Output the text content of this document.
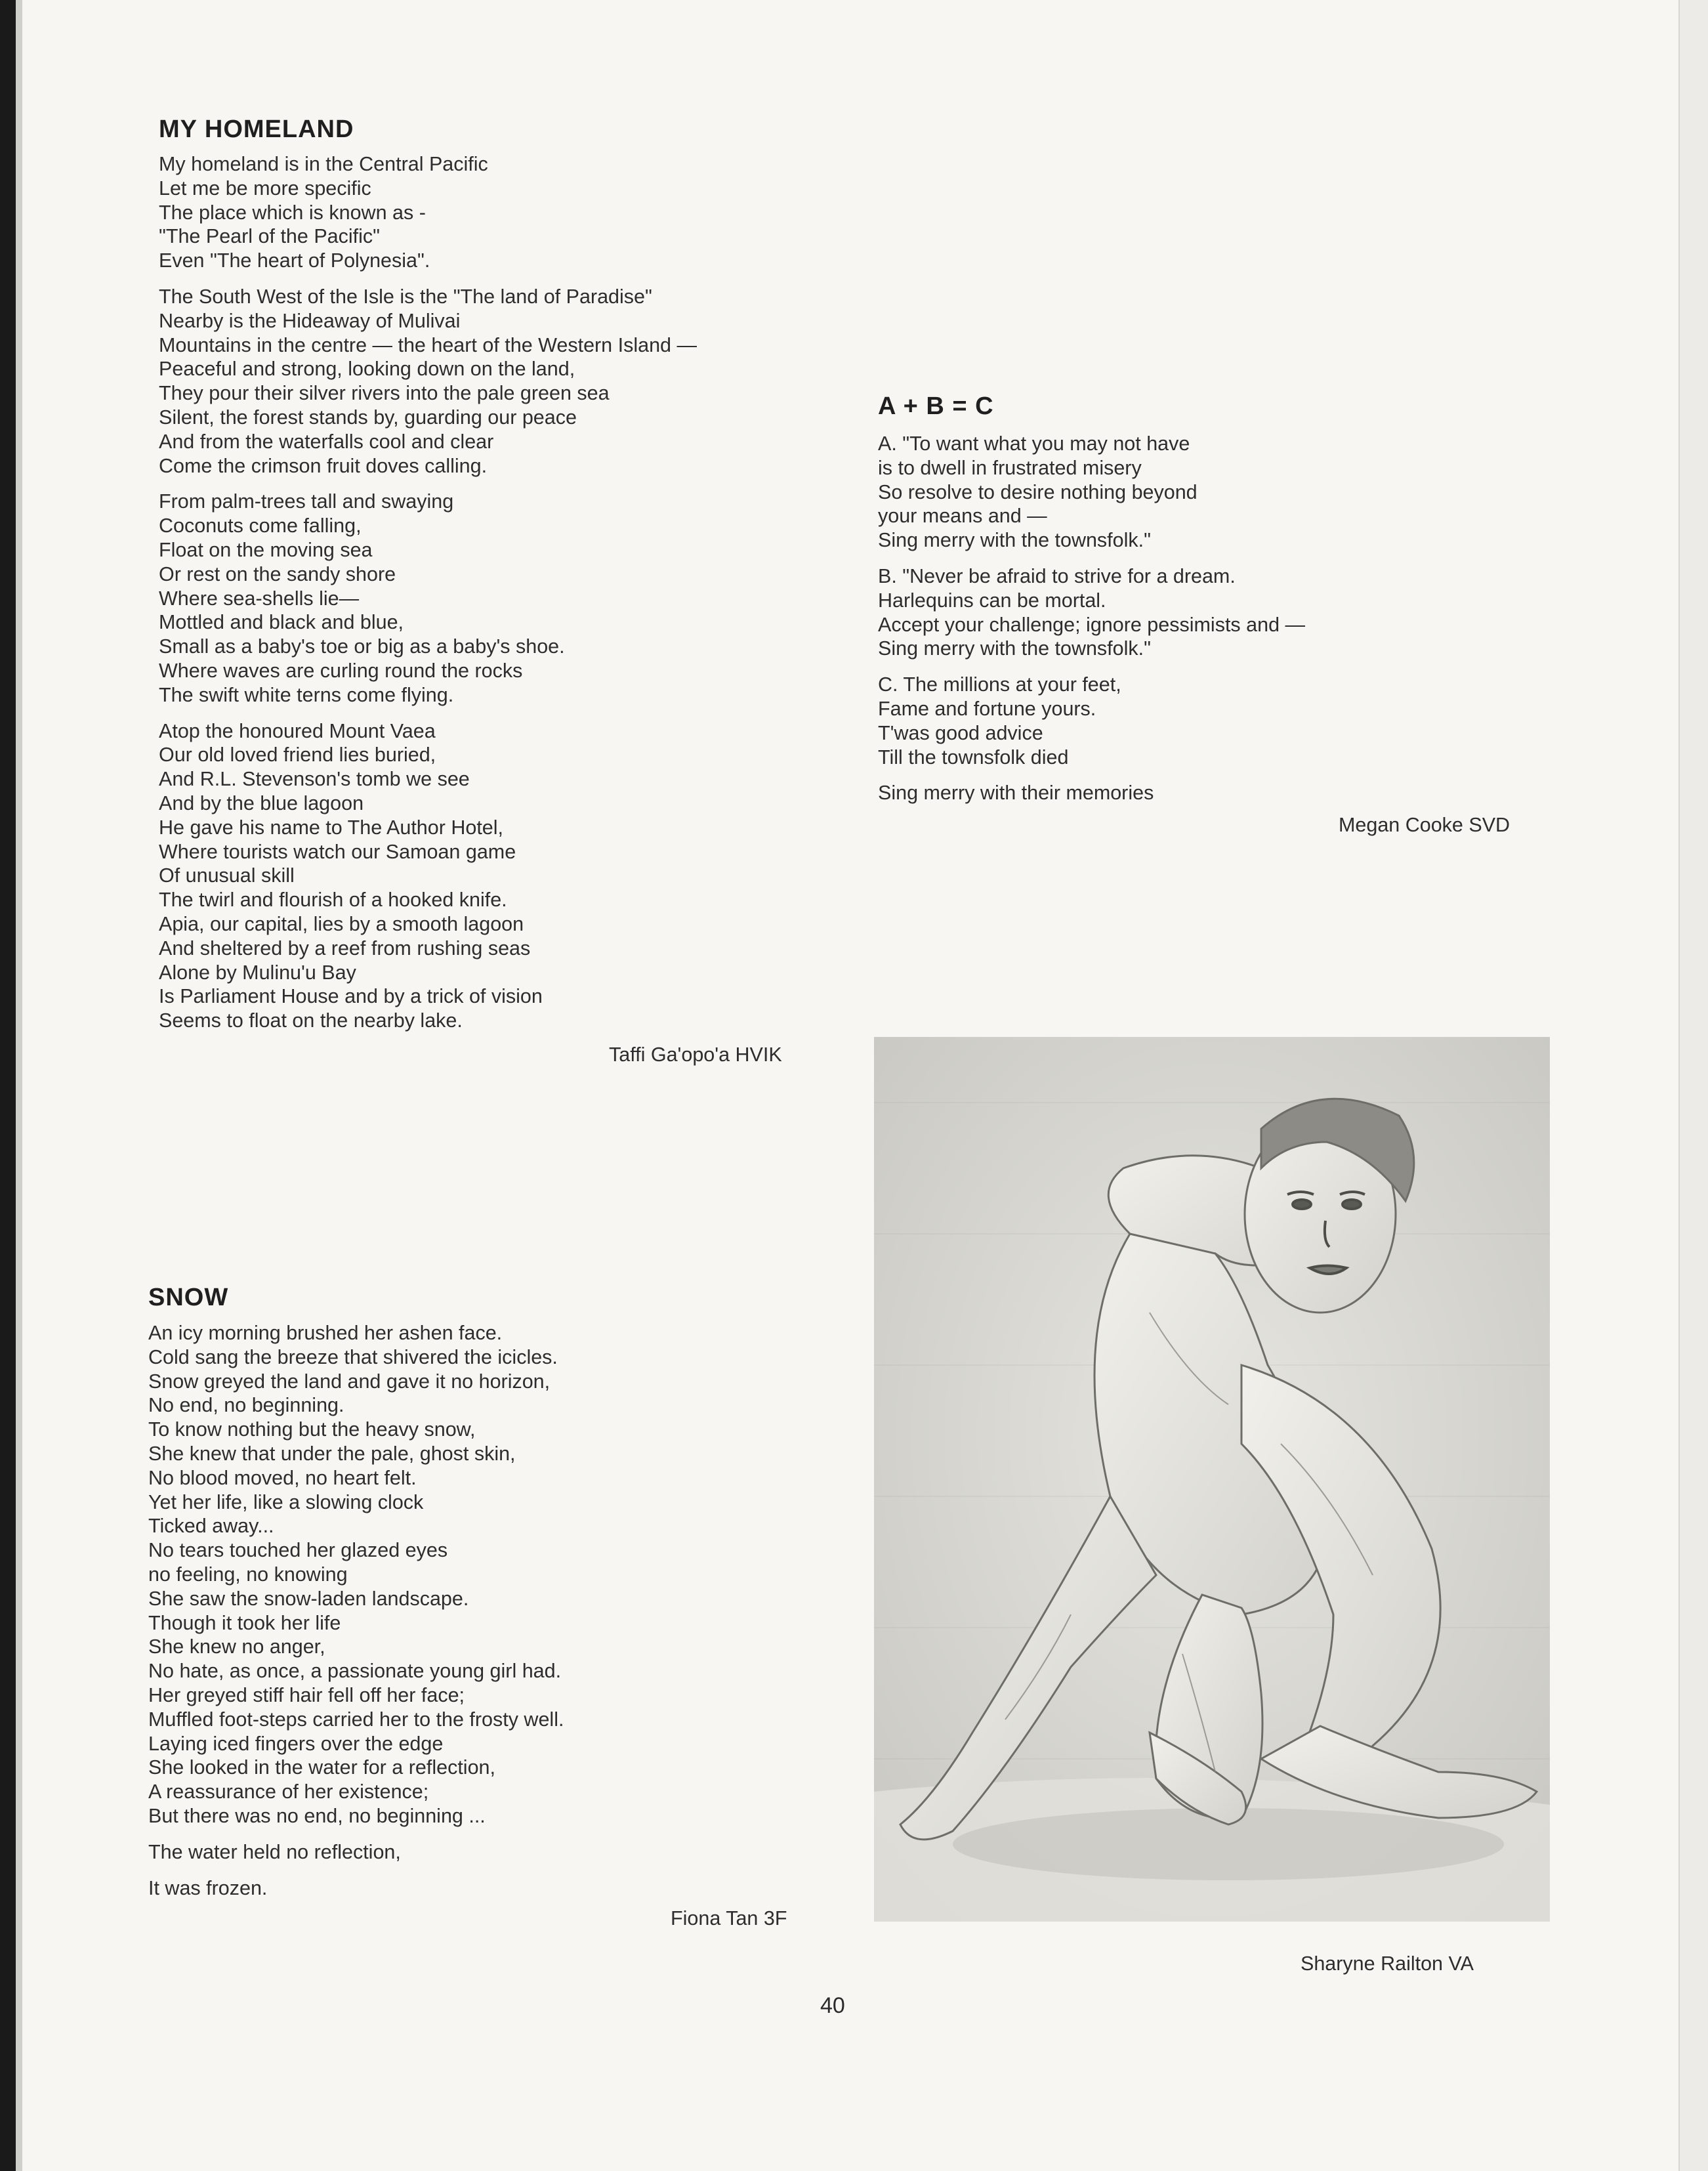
MY HOMELAND
My homeland is in the Central Pacific
Let me be more specific
The place which is known as -
"The Pearl of the Pacific"
Even "The heart of Polynesia".
The South West of the Isle is the "The land of Paradise"
Nearby is the Hideaway of Mulivai
Mountains in the centre — the heart of the Western Island —
Peaceful and strong, looking down on the land,
They pour their silver rivers into the pale green sea
Silent, the forest stands by, guarding our peace
And from the waterfalls cool and clear
Come the crimson fruit doves calling.
From palm-trees tall and swaying
Coconuts come falling,
Float on the moving sea
Or rest on the sandy shore
Where sea-shells lie—
Mottled and black and blue,
Small as a baby's toe or big as a baby's shoe.
Where waves are curling round the rocks
The swift white terns come flying.
Atop the honoured Mount Vaea
Our old loved friend lies buried,
And R.L. Stevenson's tomb we see
And by the blue lagoon
He gave his name to The Author Hotel,
Where tourists watch our Samoan game
Of unusual skill
The twirl and flourish of a hooked knife.
Apia, our capital, lies by a smooth lagoon
And sheltered by a reef from rushing seas
Alone by Mulinu'u Bay
Is Parliament House and by a trick of vision
Seems to float on the nearby lake.

Taffi Ga'opo'a HVIK

A + B = C
A. "To want what you may not have
is to dwell in frustrated misery
So resolve to desire nothing beyond
your means and —
Sing merry with the townsfolk."
B. "Never be afraid to strive for a dream.
Harlequins can be mortal.
Accept your challenge; ignore pessimists and —
Sing merry with the townsfolk."
C. The millions at your feet,
Fame and fortune yours.
T'was good advice
Till the townsfolk died
Sing merry with their memories

Megan Cooke SVD

SNOW
An icy morning brushed her ashen face.
Cold sang the breeze that shivered the icicles.
Snow greyed the land and gave it no horizon,
No end, no beginning.
To know nothing but the heavy snow,
She knew that under the pale, ghost skin,
No blood moved, no heart felt.
Yet her life, like a slowing clock
Ticked away...
No tears touched her glazed eyes
no feeling, no knowing
She saw the snow-laden landscape.
Though it took her life
She knew no anger,
No hate, as once, a passionate young girl had.
Her greyed stiff hair fell off her face;
Muffled foot-steps carried her to the frosty well.
Laying iced fingers over the edge
She looked in the water for a reflection,
A reassurance of her existence;
But there was no end, no beginning ...
The water held no reflection,
It was frozen.

Fiona Tan 3F

Sharyne Railton VA

40
